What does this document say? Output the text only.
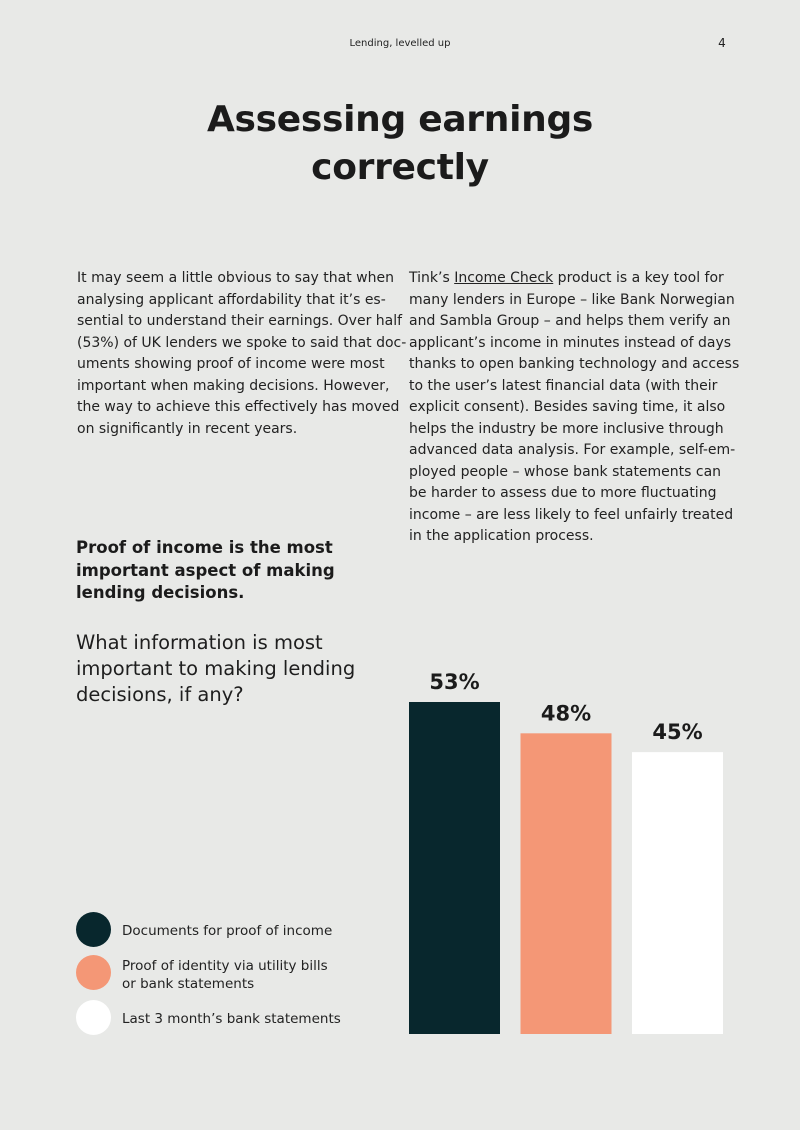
Lending, levelled up	4
Assessing earnings
correctly
It may seem a little obvious to say that when
analysing applicant affordability that it’s es-
sential to understand their earnings. Over half
(53%) of UK lenders we spoke to said that doc-
uments showing proof of income were most
important when making decisions. However,
the way to achieve this effectively has moved
on significantly in recent years.
Tink’s Income Check product is a key tool for
many lenders in Europe – like Bank Norwegian
and Sambla Group – and helps them verify an
applicant’s income in minutes instead of days
thanks to open banking technology and access
to the user’s latest financial data (with their
explicit consent). Besides saving time, it also
helps the industry be more inclusive through
advanced data analysis. For example, self-em-
ployed people – whose bank statements can
be harder to assess due to more fluctuating
income – are less likely to feel unfairly treated
in the application process.
Proof of income is the most
important aspect of making
lending decisions.
What information is most
important to making lending
decisions, if any?
53%
48%
45%
Documents for proof of income
Proof of identity via utility bills
or bank statements
Last 3 month’s bank statements
